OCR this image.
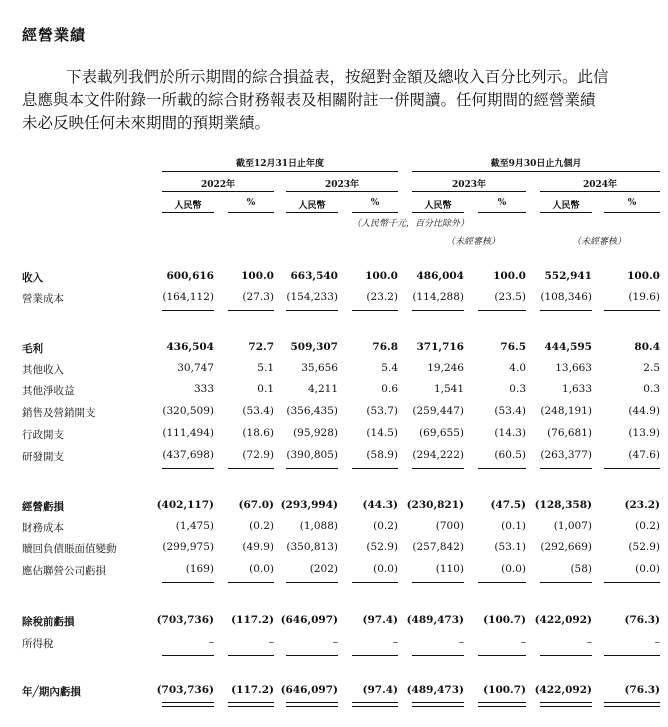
經營業績
下表載列我們於所示期間的綜合損益表，按絕對金額及總收入百分比列示。此信
息應與本文件附錄一所載的綜合財務報表及相關附註一併閱讀。任何期間的經營業績
未必反映任何未來期間的預期業績。
截至12月31日止年度	截至9月30日止九個月
2022年	2023年	2023年	2024年
人民幣	%	人民幣	%	人民幣	%	人民幣	%
（人民幣千元，百分比除外）
（未經審核）	（未經審核）
收入	600,616	100.0	663,540	100.0	486,004	100.0	552,941	100.0
營業成本	(164,112)	(27.3)	(154,233)	(23.2)	(114,288)	(23.5)	(108,346)	(19.6)
毛利	436,504	72.7	509,307	76.8	371,716	76.5	444,595	80.4
其他收入	30,747	5.1	35,656	5.4	19,246	4.0	13,663	2.5
其他淨收益	333	0.1	4,211	0.6	1,541	0.3	1,633	0.3
銷售及營銷開支	(320,509)	(53.4)	(356,435)	(53.7)	(259,447)	(53.4)	(248,191)	(44.9)
行政開支	(111,494)	(18.6)	(95,928)	(14.5)	(69,655)	(14.3)	(76,681)	(13.9)
研發開支	(437,698)	(72.9)	(390,805)	(58.9)	(294,222)	(60.5)	(263,377)	(47.6)
經營虧損	(402,117)	(67.0) (293,994)	(44.3) (230,821)	(47.5) (128,358)	(23.2)
財務成本	(1,475)	(0.2)	(1,088)	(0.2)	(700)	(0.1)	(1,007)	(0.2)
贖回負債賬面值變動	(299,975)	(49.9)	(350,813)	(52.9)	(257,842)	(53.1)	(292,669)	(52.9)
應佔聯營公司虧損	(169)	(0.0)	(202)	(0.0)	(110)	(0.0)	(58)	(0.0)
除稅前虧損	(703,736)	(117.2) (646,097)	(97.4) (489,473)	(100.7) (422,092)	(76.3)
所得稅	–	–	–	–	–	–	–	–
年╱期內虧損	(703,736)	(117.2) (646,097)	(97.4) (489,473)	(100.7) (422,092)	(76.3)
